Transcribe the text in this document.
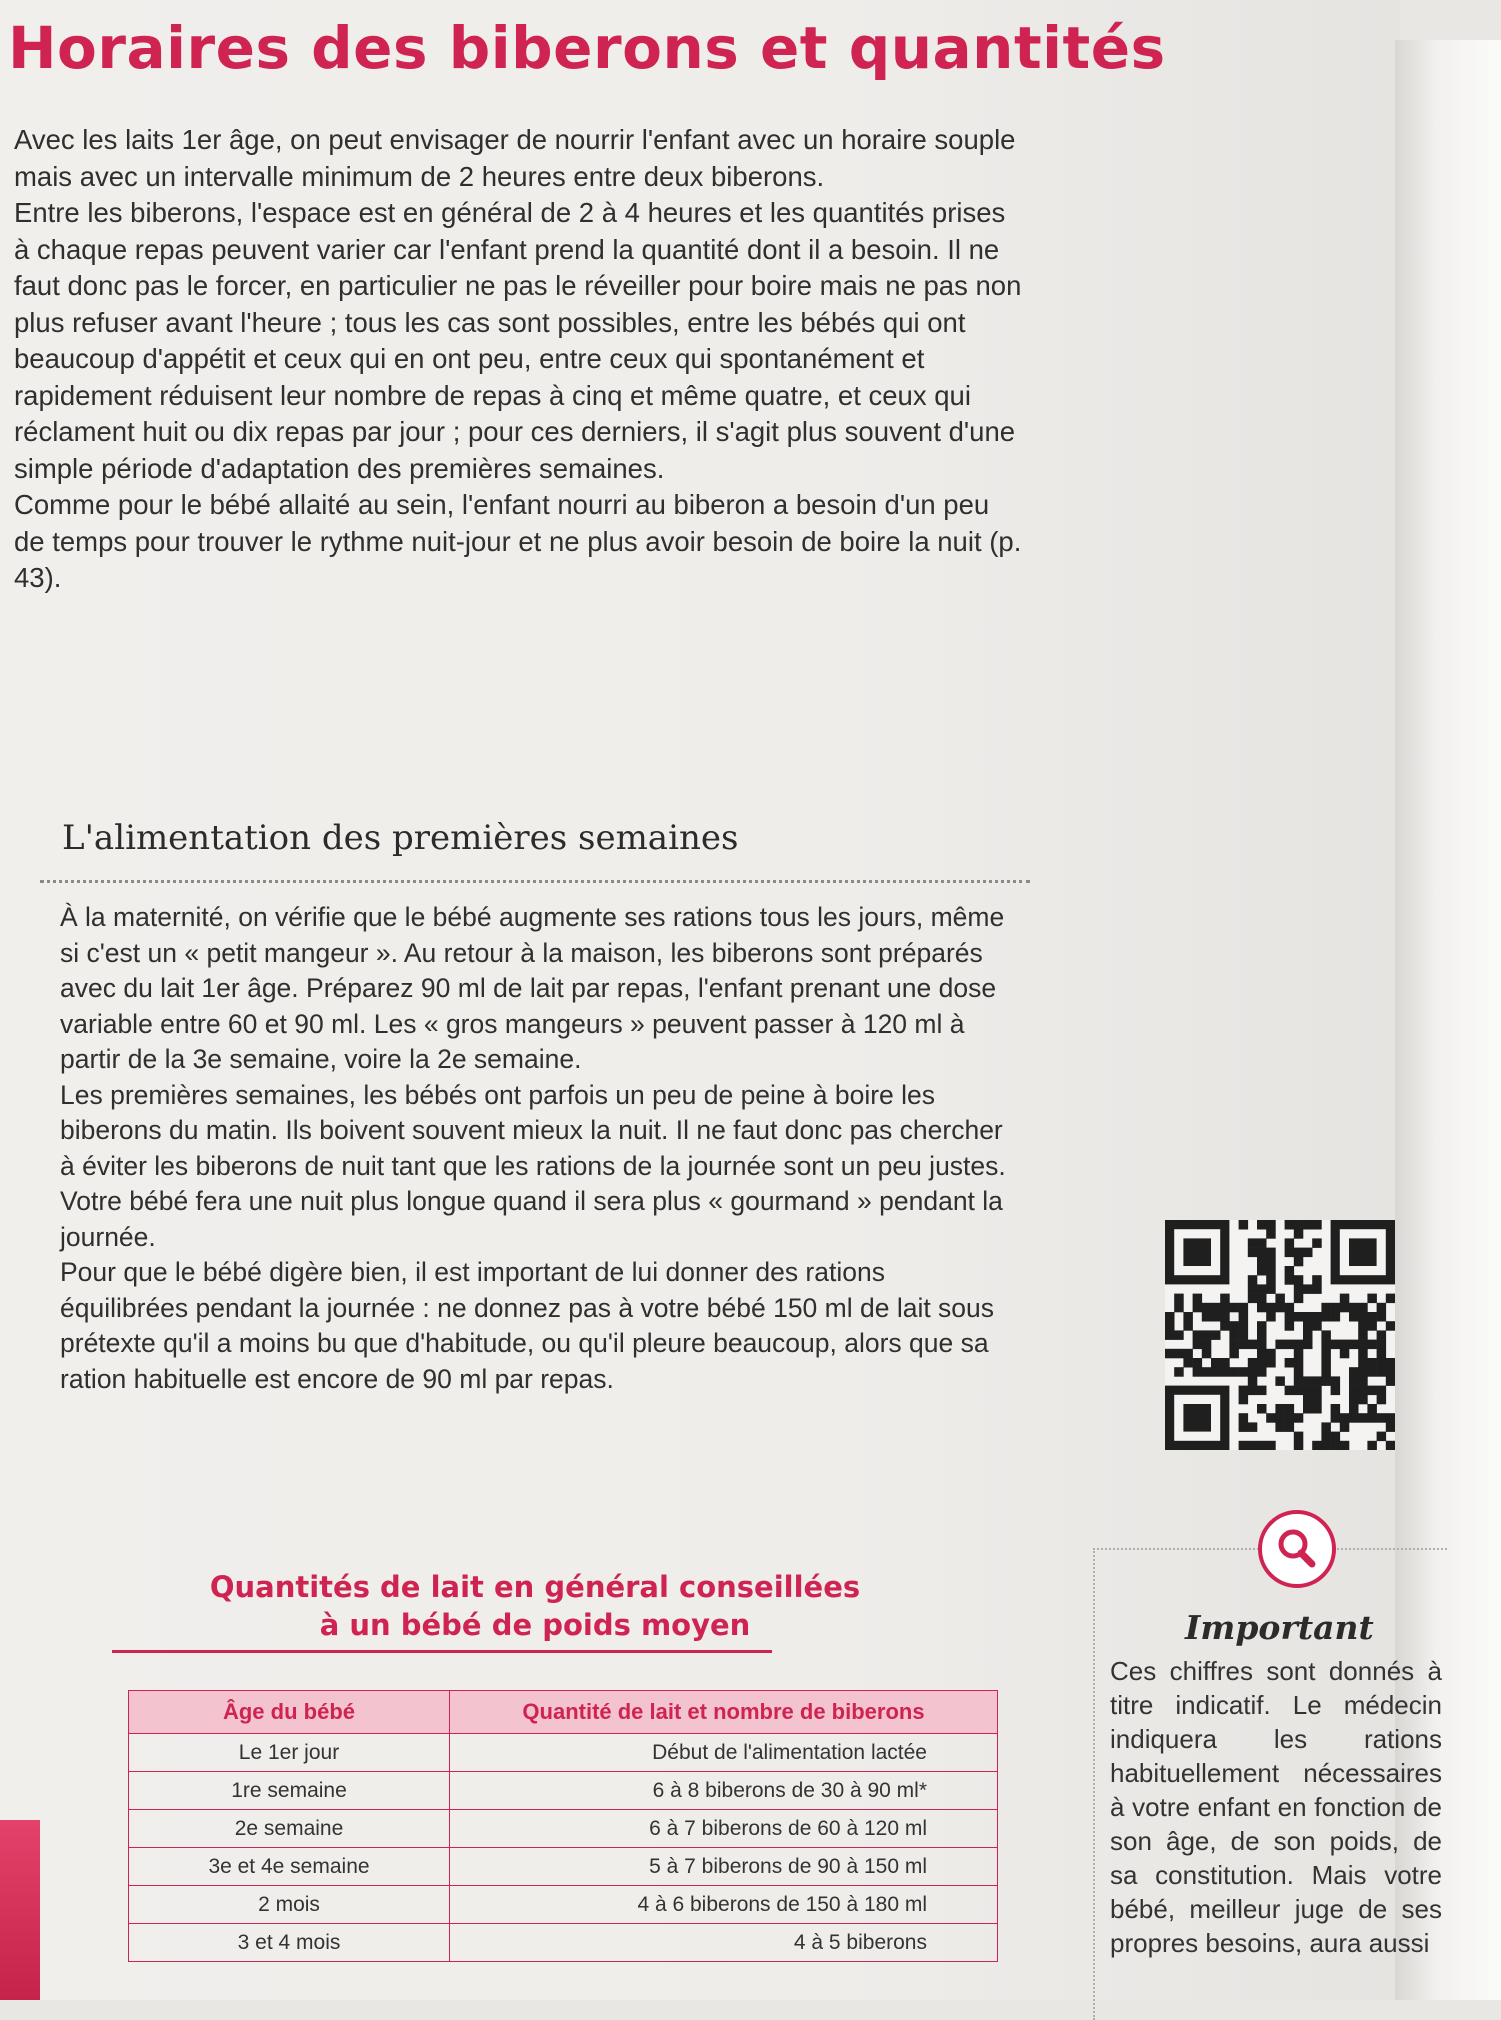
Horaires des biberons et quantités

Avec les laits 1er âge, on peut envisager de nourrir l'enfant avec un horaire souple mais avec un intervalle minimum de 2 heures entre deux biberons.

Entre les biberons, l'espace est en général de 2 à 4 heures et les quantités prises à chaque repas peuvent varier car l'enfant prend la quantité dont il a besoin. Il ne faut donc pas le forcer, en particulier ne pas le réveiller pour boire mais ne pas non plus refuser avant l'heure ; tous les cas sont possibles, entre les bébés qui ont beaucoup d'appétit et ceux qui en ont peu, entre ceux qui spontanément et rapidement réduisent leur nombre de repas à cinq et même quatre, et ceux qui réclament huit ou dix repas par jour ; pour ces derniers, il s'agit plus souvent d'une simple période d'adaptation des premières semaines.

Comme pour le bébé allaité au sein, l'enfant nourri au biberon a besoin d'un peu de temps pour trouver le rythme nuit-jour et ne plus avoir besoin de boire la nuit (p. 43).

L'alimentation des premières semaines

À la maternité, on vérifie que le bébé augmente ses rations tous les jours, même si c'est un « petit mangeur ». Au retour à la maison, les biberons sont préparés avec du lait 1er âge. Préparez 90 ml de lait par repas, l'enfant prenant une dose variable entre 60 et 90 ml. Les « gros mangeurs » peuvent passer à 120 ml à partir de la 3e semaine, voire la 2e semaine.

Les premières semaines, les bébés ont parfois un peu de peine à boire les biberons du matin. Ils boivent souvent mieux la nuit. Il ne faut donc pas chercher à éviter les biberons de nuit tant que les rations de la journée sont un peu justes. Votre bébé fera une nuit plus longue quand il sera plus « gourmand » pendant la journée.

Pour que le bébé digère bien, il est important de lui donner des rations équilibrées pendant la journée : ne donnez pas à votre bébé 150 ml de lait sous prétexte qu'il a moins bu que d'habitude, ou qu'il pleure beaucoup, alors que sa ration habituelle est encore de 90 ml par repas.

Quantités de lait en général conseillées
à un bébé de poids moyen
Âge du bébé	Quantité de lait et nombre de biberons
Le 1er jour	Début de l'alimentation lactée
1re semaine	6 à 8 biberons de 30 à 90 ml*
2e semaine	6 à 7 biberons de 60 à 120 ml
3e et 4e semaine	5 à 7 biberons de 90 à 150 ml
2 mois	4 à 6 biberons de 150 à 180 ml
3 et 4 mois	4 à 5 biberons
Important

Ces chiffres sont donnés à titre indicatif. Le médecin indiquera les rations habituellement nécessaires à votre enfant en fonction de son âge, de son poids, de sa constitution. Mais votre bébé, meilleur juge de ses propres besoins, aura aussi
